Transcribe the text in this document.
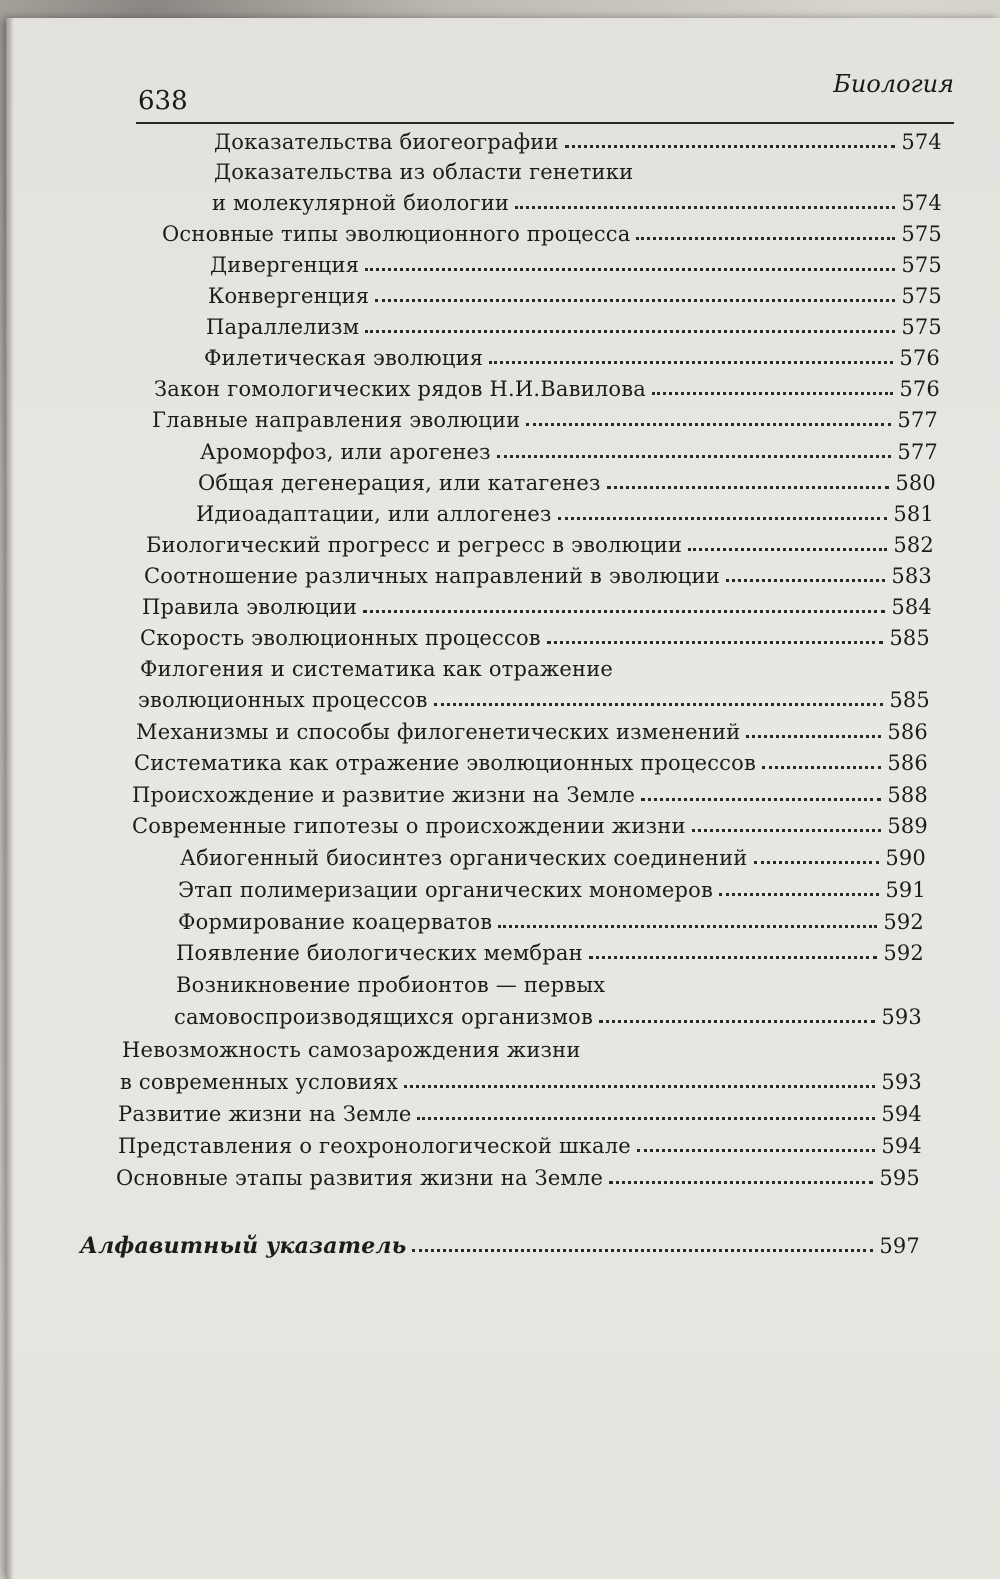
638
Биология
Доказательства биогеографии	574
Доказательства из области генетики
и молекулярной биологии	574
Основные типы эволюционного процесса	575
Дивергенция	575
Конвергенция	575
Параллелизм	575
Филетическая эволюция	576
Закон гомологических рядов Н.И.Вавилова	576
Главные направления эволюции	577
Ароморфоз, или арогенез	577
Общая дегенерация, или катагенез	580
Идиоадаптации, или аллогенез	581
Биологический прогресс и регресс в эволюции	582
Соотношение различных направлений в эволюции	583
Правила эволюции	584
Скорость эволюционных процессов	585
Филогения и систематика как отражение
эволюционных процессов	585
Механизмы и способы филогенетических изменений	586
Систематика как отражение эволюционных процессов	586
Происхождение и развитие жизни на Земле	588
Современные гипотезы о происхождении жизни	589
Абиогенный биосинтез органических соединений	590
Этап полимеризации органических мономеров	591
Формирование коацерватов	592
Появление биологических мембран	592
Возникновение пробионтов — первых
самовоспроизводящихся организмов	593
Невозможность самозарождения жизни
в современных условиях	593
Развитие жизни на Земле	594
Представления о геохронологической шкале	594
Основные этапы развития жизни на Земле	595
Алфавитный указатель	597
